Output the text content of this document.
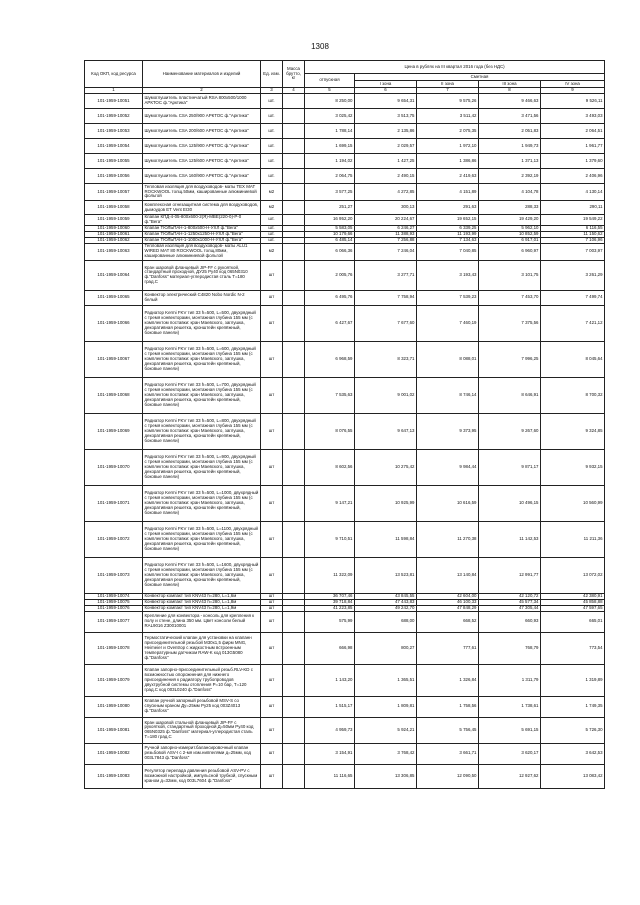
1308
Код ОКП, код ресурса	Наименование материалов и изделий	Ед. изм.	Масса брутто, кг	Цена в рублях на III квартал 2016 года (без НДС)				
				отпускная	Сметная			
					I зона	II зона	III зона	IV зона
1	2	3	4	5	6	7	8	9
101-1959-10051	Шумоглушитель пластинчатый RSA 800х500/1000 АРКТОС ф."Арктика"	шт.		8 250,00	9 654,31	9 575,26	9 466,63	9 526,11
101-1959-10052	Шумоглушитель CSA 250/900 АРКТОС ф."Арктика"	шт.		3 025,42	3 513,75	3 511,42	3 471,56	3 493,03
101-1959-10053	Шумоглушитель CSA 200/600 АРКТОС ф."Арктика"	шт.		1 788,14	2 135,86	2 075,35	2 051,83	2 064,51
101-1959-10054	Шумоглушитель CSA 125/900 АРКТОС ф."Арктика"	шт.		1 699,15	2 029,57	1 972,10	1 949,73	1 961,77
101-1959-10055	Шумоглушитель CSA 125/600 АРКТОС ф."Арктика"	шт.		1 194,02	1 427,25	1 386,86	1 371,13	1 379,60
101-1959-10056	Шумоглушитель CSA 160/900 АРКТОС ф."Арктика"	шт.		2 064,75	2 490,15	2 419,63	2 392,19	2 406,96
101-1959-10057	Тепловая изоляция для воздуховодов- маты TEX MAT ROCKWOOL толщ.50мм, кашированные алюминиевой фольгой	м2		3 577,25	4 272,85	4 151,89	4 104,78	4 130,14
101-1959-10058	Комплексная огнезащитная система для воздуховодов, дымоудов ET Vent EI30	м2		251,27	300,13	291,63	288,33	290,11
101-1959-10059	Клапан КПД-4-05-800х600-2(Я)-МВЕ(220-0)-Р-0 ф."Вега"	шт.		16 952,20	20 224,67	19 652,15	19 429,20	19 549,22
101-1959-10060	Клапан ТЮЛЬПАН-1-800х500-Н-УХЛ ф."Вега"	шт.		5 583,05	6 246,27	6 339,25	5 962,10	6 116,55
101-1959-10061	Клапан ТЮЛЬПАН-1-1250х1250-Н-УХЛ ф."Вега"	шт.		10 179,66	11 388,93	11 193,99	10 852,59	11 150,62
101-1959-10062	Клапан ТЮЛЬПАН-1-1000х1000-Н-УХЛ ф."Вега"	шт.		6 485,14	7 256,88	7 134,63	6 917,01	7 106,96
101-1959-10063	Тепловая изоляция для воздуховодов- маты ALU1 WIRED MAT 80 ROCKWOOL толщ.80мм, кашированные алюминиевой фольгой	м2		6 066,36	7 246,04	7 040,85	6 960,97	7 003,97
101-1959-10064	Кран шаровой фланцевый JIP-FF с рукояткой, стандартный проходной, ДУ25 Ру40 код 065N0310 ф."Danfoss" материал-углеродистая сталь Т=180 град.С	шт		2 005,76	3 277,71	3 193,43	3 101,75	3 261,29
101-1959-10065	Конвектор электрический C4820 Nobo Nordic N-2 белый	шт		6 495,76	7 758,94	7 539,23	7 453,70	7 499,74
101-1959-10066	Радиатор Kermi FKV тип 33 h=500, L=500, двухрядный с тремя конвекторами, монтажная глубина 155 мм (с комплектом поставки: кран Маевского, заглушка, декоративная решетка, кронштейн крепёжный, боковые панели)	шт		6 427,67	7 677,60	7 460,19	7 375,56	7 421,12
101-1959-10067	Радиатор Kermi FKV тип 33 h=500, L=600, двухрядный с тремя конвекторами, монтажная глубина 155 мм (с комплектом поставки: кран Маевского, заглушка, декоративная решетка, кронштейн крепёжный, боковые панели)	шт		6 968,59	8 323,71	8 088,01	7 996,25	8 045,64
101-1959-10068	Радиатор Kermi FKV тип 33 h=500, L=700, двухрядный с тремя конвекторами, монтажная глубина 155 мм (с комплектом поставки: кран Маевского, заглушка, декоративная решетка, кронштейн крепёжный, боковые панели)	шт		7 535,63	9 001,02	8 746,14	8 646,91	8 700,32
101-1959-10069	Радиатор Kermi FKV тип 33 h=500, L=800, двухрядный с тремя конвекторами, монтажная глубина 155 мм (с комплектом поставки: кран Маевского, заглушка, декоративная решетка, кронштейн крепёжный, боковые панели)	шт		8 076,55	9 647,13	9 373,95	9 267,60	9 324,85
101-1959-10070	Радиатор Kermi FKV тип 33 h=500, L=900, двухрядный с тремя конвекторами, монтажная глубина 155 мм (с комплектом поставки: кран Маевского, заглушка, декоративная решетка, кронштейн крепёжный, боковые панели)	шт		8 602,56	10 275,42	9 984,44	9 871,17	9 932,15
101-1959-10071	Радиатор Kermi FKV тип 33 h=500, L=1000, двухрядный с тремя конвекторами, монтажная глубина 155 мм (с комплектом поставки: кран Маевского, заглушка, декоративная решетка, кронштейн крепёжный, боковые панели)	шт		9 147,21	10 925,99	10 616,59	10 496,15	10 560,99
101-1959-10072	Радиатор Kermi FKV тип 33 h=500, L=1100, двухрядный с тремя конвекторами, монтажная глубина 155 мм (с комплектом поставки: кран Маевского, заглушка, декоративная решетка, кронштейн крепёжный, боковые панели)	шт		9 710,51	11 598,84	11 270,38	11 142,53	11 211,36
101-1959-10073	Радиатор Kermi FKV тип 33 h=500, L=1600, двухрядный с тремя конвекторами, монтажная глубина 155 мм (с комплектом поставки: кран Маевского, заглушка, декоративная решетка, кронштейн крепёжный, боковые панели)	шт		11 322,09	13 523,81	13 140,84	12 991,77	13 072,02
101-1959-10074	Конвектор компакт тип KNV43 h=280, L=1,6м	шт		36 707,46	43 845,55	42 604,00	42 120,72	42 380,91
101-1959-10075	Конвектор компакт тип KNV43 h=280, L=1,8м	шт		39 718,84	47 443,83	46 100,33	45 577,34	45 858,88
101-1959-10076	Конвектор компакт тип KNV43 h=280, L=1,9м	шт		41 223,85	49 242,70	47 848,29	47 305,44	47 597,65
101-1959-10077	Крепление для конвектора - консоль для крепления к полу и стене, длина 350 мм. Цвет консоли белый RAL9016 Z30010001	шт		575,99	688,00	668,52	660,93	665,01
101-1959-10078	Термостатический клапан для установки на клапанн присоединительной резьбой М30х1,5 фирм MNG, Heimeier и Oventrop с жидкостным встроенным температурным датчиком RAW-K код 013G5080 ф."Danfoss"	шт		666,98	800,27	777,61	768,79	773,54
101-1959-10079	Клапан запорно-присоединительный резьб.RLV-KD с возможностью опорожнения для нижнего присоединения к радиатору трубопроводов двухтрубной системы отопления Р=10 бар, Т=120 град.С код 003L0240 ф."Danfoss"	шт		1 143,20	1 365,51	1 326,84	1 311,79	1 319,89
101-1959-10080	Клапан ручной запорный резьбовой MSV-S со спускным краном Ду=25мм Ру25 код 003Z4013 ф."Danfoss"	шт		1 515,17	1 809,81	1 758,56	1 738,61	1 749,35
101-1959-10081	Кран шаровой стальной фланцевый JIP-FF с рукояткой, стандартный проходной Д=50мм Ру40 код 065N0325 ф."Danfoss" материал-углеродистая сталь Т=180 град.С	шт		4 959,73	5 924,21	5 756,45	5 691,15	5 726,30
101-1959-10082	Ручной запорно-измерит.балансировочный клапан резьбовой ASV-I с 2-мя изм.ниппелями д=25мм, код 003L7843 ф."Danfoss"	шт		3 154,91	3 768,42	3 661,71	3 620,17	3 642,53
101-1959-10083	Регулятор перепада давления резьбовой ASV-PV с возможной настройкой, импульсной трубкой, спускным краном д=32мм, код 003L7604 ф."Danfoss"	шт		11 116,65	13 306,85	12 090,50	12 927,62	13 083,42
